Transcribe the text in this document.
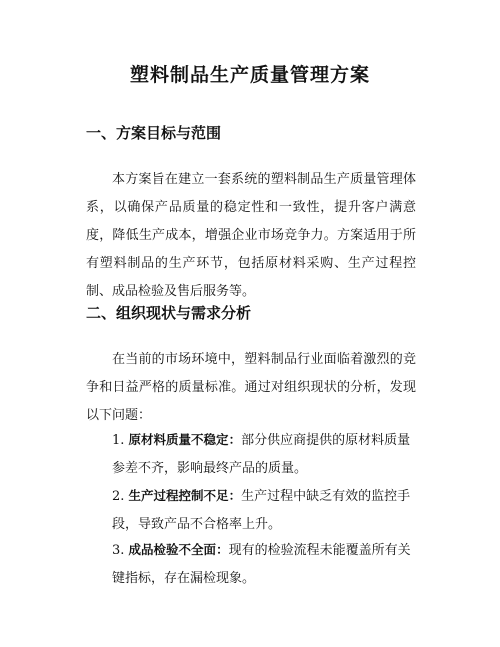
塑料制品生产质量管理方案
一、方案目标与范围

本方案旨在建立一套系统的塑料制品生产质量管理体系，以确保产品质量的稳定性和一致性，提升客户满意度，降低生产成本，增强企业市场竞争力。方案适用于所有塑料制品的生产环节，包括原材料采购、生产过程控制、成品检验及售后服务等。

二、组织现状与需求分析

在当前的市场环境中，塑料制品行业面临着激烈的竞争和日益严格的质量标准。通过对组织现状的分析，发现以下问题：

1. 原材料质量不稳定：部分供应商提供的原材料质量参差不齐，影响最终产品的质量。
2. 生产过程控制不足：生产过程中缺乏有效的监控手段，导致产品不合格率上升。
3. 成品检验不全面：现有的检验流程未能覆盖所有关键指标，存在漏检现象。
